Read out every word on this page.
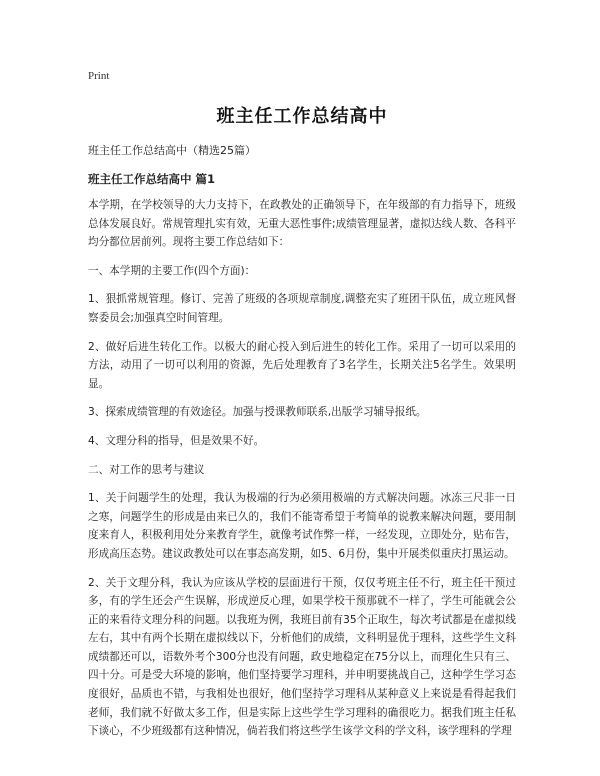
Print
班主任工作总结高中
班主任工作总结高中（精选25篇）
班主任工作总结高中 篇1
本学期，在学校领导的大力支持下，在政教处的正确领导下，在年级部的有力指导下，班级总体发展良好。常规管理扎实有效，无重大恶性事件;成绩管理显著，虚拟达线人数、各科平均分都位居前列。现将主要工作总结如下：
一、本学期的主要工作(四个方面)：
1、狠抓常规管理。修订、完善了班级的各项规章制度,调整充实了班团干队伍，成立班风督察委员会;加强真空时间管理。
2、做好后进生转化工作。以极大的耐心投入到后进生的转化工作。采用了一切可以采用的方法，动用了一切可以利用的资源，先后处理教育了3名学生，长期关注5名学生。效果明显。
3、探索成绩管理的有效途径。加强与授课教师联系,出版学习辅导报纸。
4、文理分科的指导，但是效果不好。
二、对工作的思考与建议
1、关于问题学生的处理，我认为极端的行为必须用极端的方式解决问题。冰冻三尺非一日之寒，问题学生的形成是由来已久的，我们不能寄希望于考简单的说教来解决问题，要用制度来育人，积极利用处分来教育学生，就像考试作弊一样，一经发现，立即处分，贴布告，形成高压态势。建议政教处可以在事态高发期，如5、6月份，集中开展类似重庆打黑运动。
2、关于文理分科，我认为应该从学校的层面进行干预，仅仅考班主任不行，班主任干预过多，有的学生还会产生误解，形成逆反心理，如果学校干预那就不一样了，学生可能就会公正的来看待文理分科的问题。以我班为例，我班目前有35个正取生，每次考试都是在虚拟线左右，其中有两个长期在虚拟线以下，分析他们的成绩，文科明显优于理科，这些学生文科成绩都还可以，语数外考个300分也没有问题，政史地稳定在75分以上，而理化生只有三、四十分。可是受大环境的影响，他们坚持要学习理科，并申明要挑战自己，这种学生学习态度很好，品质也不错，与我相处也很好，他们坚持学习理科从某种意义上来说是看得起我们老师，我们就不好做太多工作，但是实际上这些学生学习理科的确很吃力。据我们班主任私下谈心，不少班级都有这种情况，倘若我们将这些学生该学文科的学文科，该学理科的学理
